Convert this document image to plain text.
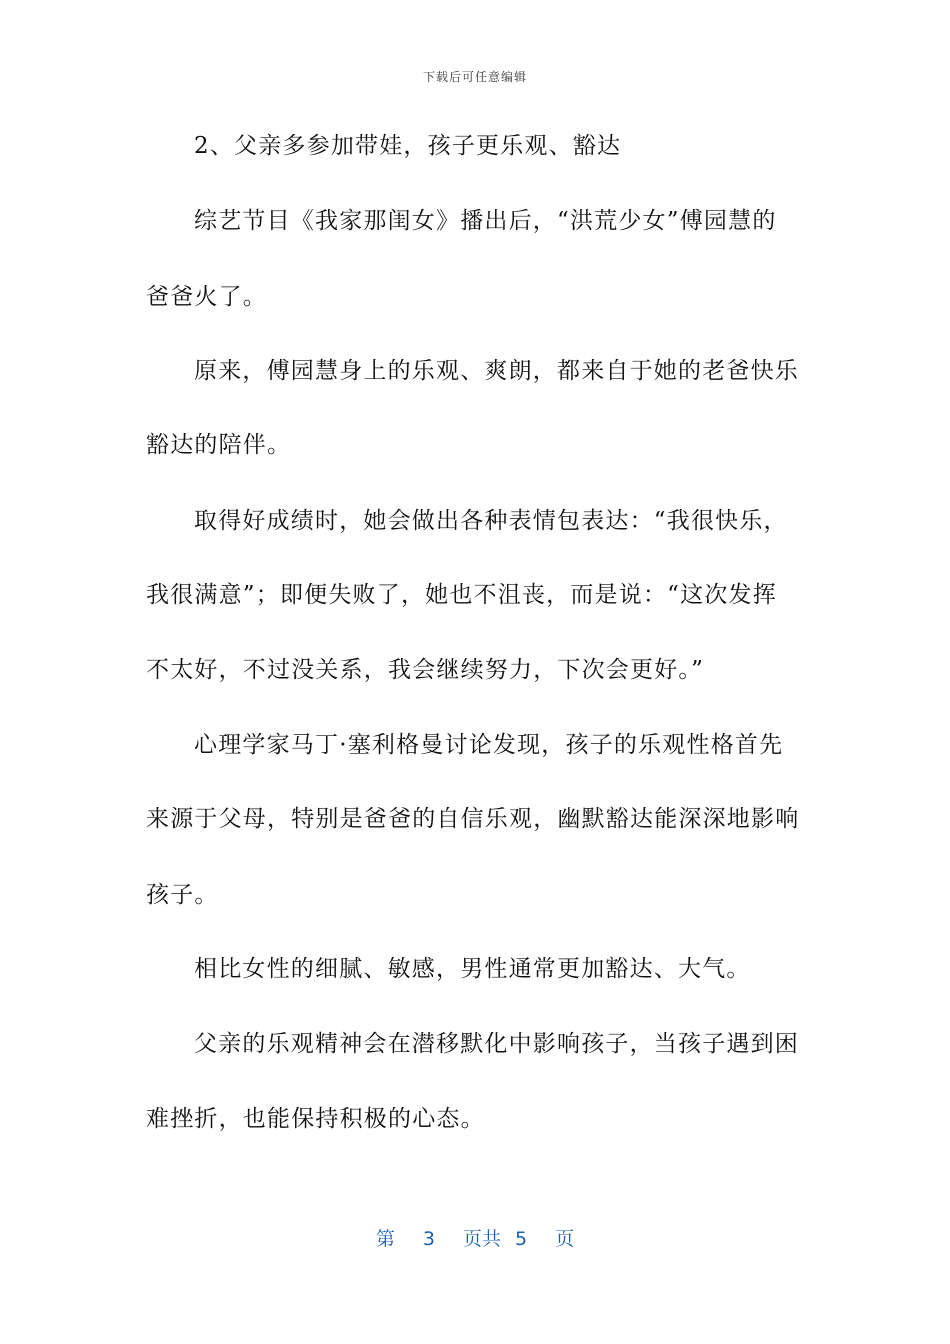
下载后可任意编辑
2、父亲多参加带娃，孩子更乐观、豁达
综艺节目《我家那闺女》播出后，“洪荒少女”傅园慧的
爸爸火了。
原来，傅园慧身上的乐观、爽朗，都来自于她的老爸快乐
豁达的陪伴。
取得好成绩时，她会做出各种表情包表达：“我很快乐，
我很满意”；即便失败了，她也不沮丧，而是说：“这次发挥
不太好，不过没关系，我会继续努力，下次会更好。”
心理学家马丁·塞利格曼讨论发现，孩子的乐观性格首先
来源于父母，特别是爸爸的自信乐观，幽默豁达能深深地影响
孩子。
相比女性的细腻、敏感，男性通常更加豁达、大气。
父亲的乐观精神会在潜移默化中影响孩子，当孩子遇到困
难挫折，也能保持积极的心态。
第 3 页共 5 页
